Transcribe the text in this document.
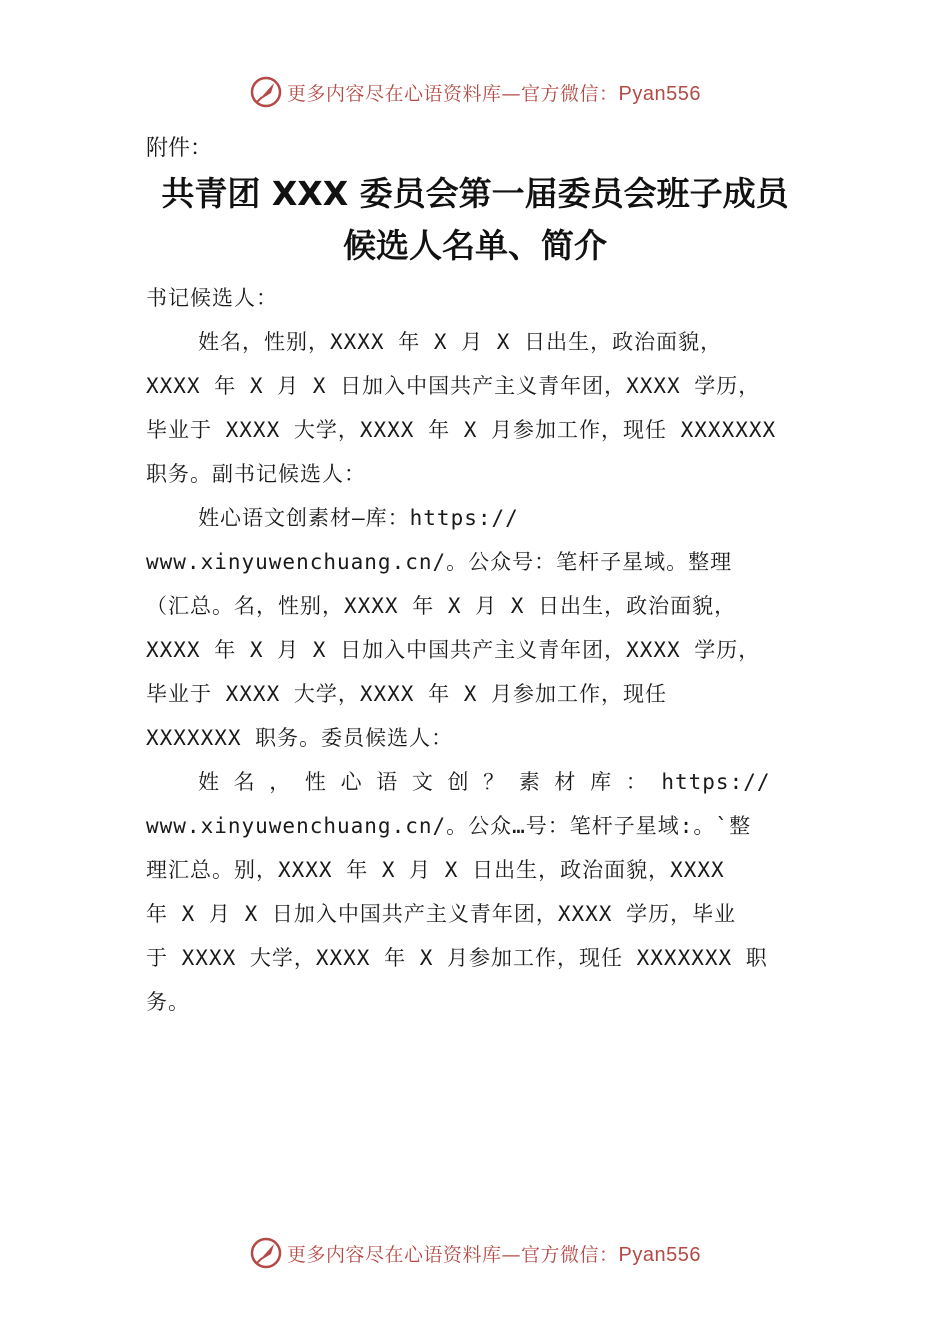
更多内容尽在心语资料库—官方微信：Pyan556
附件：
共青团 XXX 委员会第一届委员会班子成员
候选人名单、简介
书记候选人：
姓名，性别，XXXX 年 X 月 X 日出生，政治面貌，
XXXX 年 X 月 X 日加入中国共产主义青年团，XXXX 学历，
毕业于 XXXX 大学，XXXX 年 X 月参加工作，现任 XXXXXXX
职务。副书记候选人：
姓心语文创素材—库：https://
www.xinyuwenchuang.cn/。公众号：笔杆子星域。整理
（汇总。名，性别，XXXX 年 X 月 X 日出生，政治面貌，
XXXX 年 X 月 X 日加入中国共产主义青年团，XXXX 学历，
毕业于 XXXX 大学，XXXX 年 X 月参加工作，现任
XXXXXXX 职务。委员候选人：
姓 名 ， 性 心 语 文 创 ？ 素 材 库 ： https://
www.xinyuwenchuang.cn/。公众…号：笔杆子星域:。`整
理汇总。别，XXXX 年 X 月 X 日出生，政治面貌，XXXX
年 X 月 X 日加入中国共产主义青年团，XXXX 学历，毕业
于 XXXX 大学，XXXX 年 X 月参加工作，现任 XXXXXXX 职
务。
更多内容尽在心语资料库—官方微信：Pyan556
